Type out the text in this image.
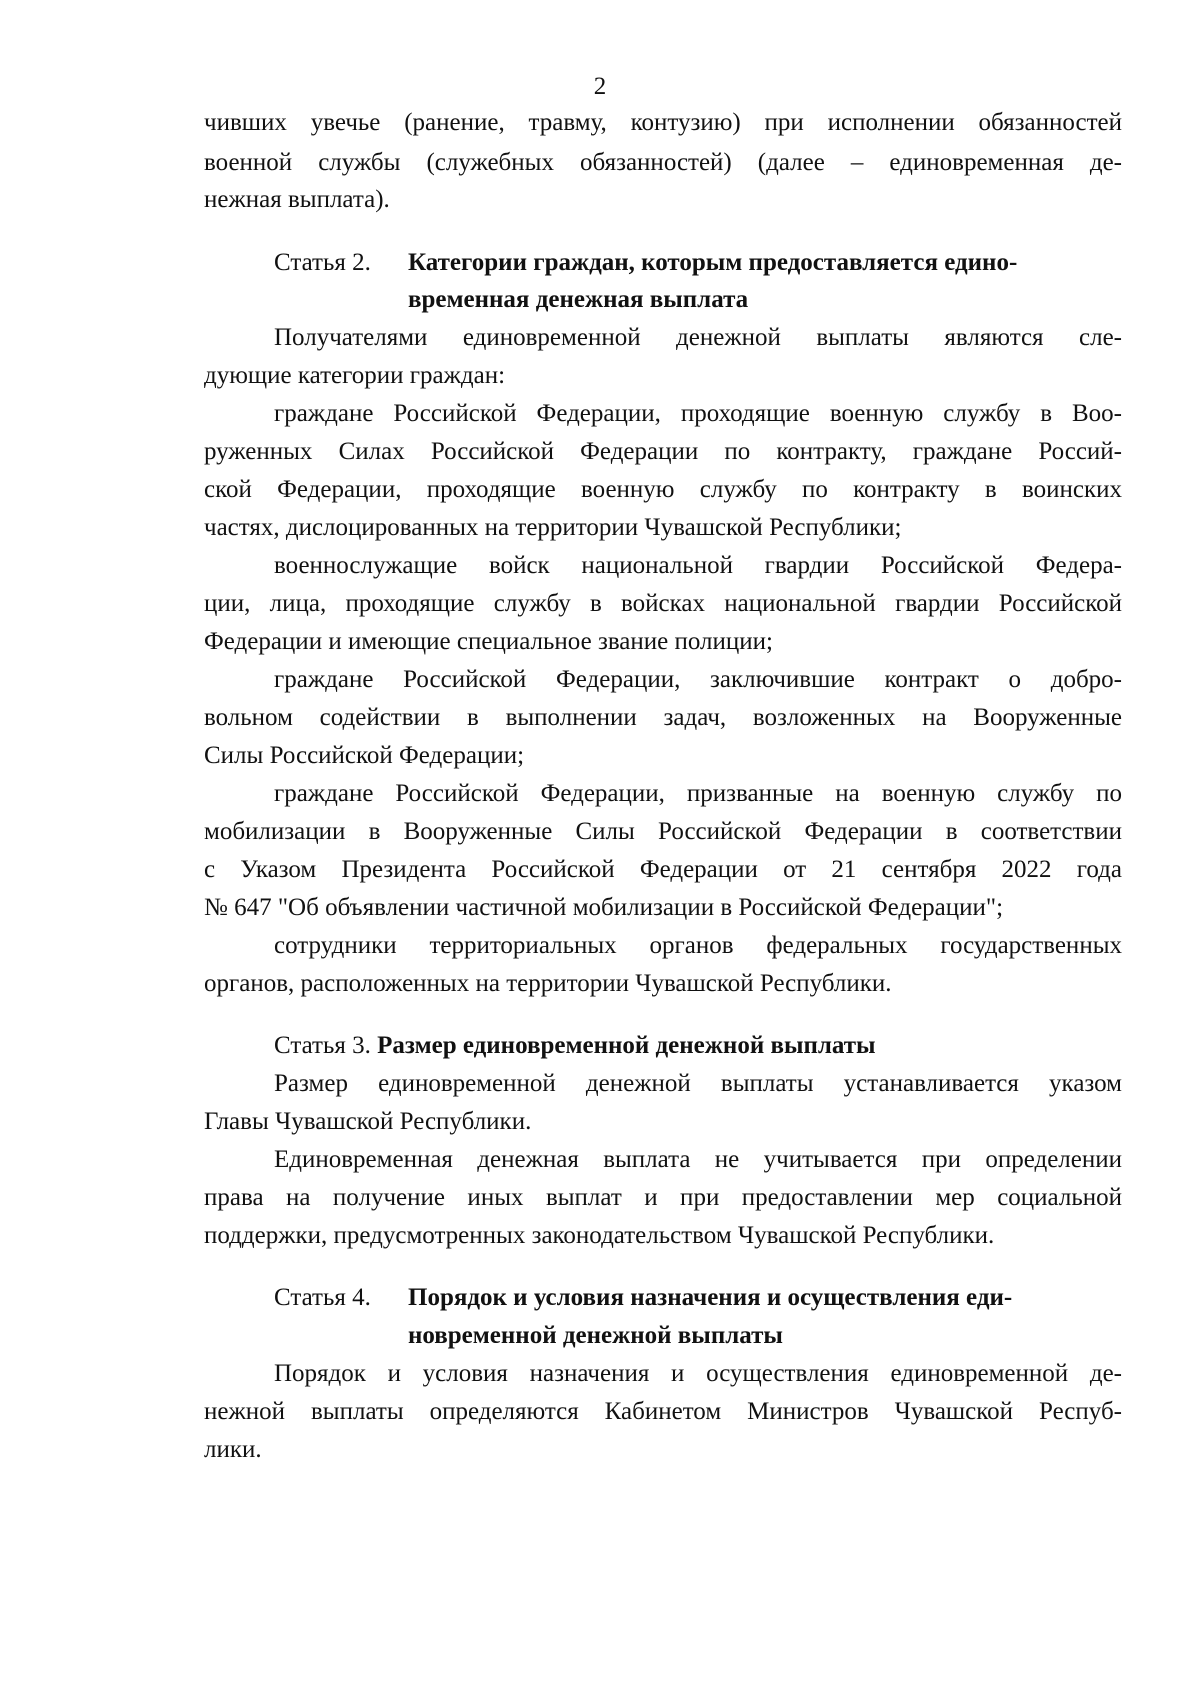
2
чивших увечье (ранение, травму, контузию) при исполнении обязанностей
военной службы (служебных обязанностей) (далее – единовременная де-
нежная выплата).
Статья 2. Категории граждан, которым предоставляется едино-
временная денежная выплата
Получателями единовременной денежной выплаты являются сле-
дующие категории граждан:
граждане Российской Федерации, проходящие военную службу в Воо-
руженных Силах Российской Федерации по контракту, граждане Россий-
ской Федерации, проходящие военную службу по контракту в воинских
частях, дислоцированных на территории Чувашской Республики;
военнослужащие войск национальной гвардии Российской Федера-
ции, лица, проходящие службу в войсках национальной гвардии Российской
Федерации и имеющие специальное звание полиции;
граждане Российской Федерации, заключившие контракт о добро-
вольном содействии в выполнении задач, возложенных на Вооруженные
Силы Российской Федерации;
граждане Российской Федерации, призванные на военную службу по
мобилизации в Вооруженные Силы Российской Федерации в соответствии
с Указом Президента Российской Федерации от 21 сентября 2022 года
№ 647 "Об объявлении частичной мобилизации в Российской Федерации";
сотрудники территориальных органов федеральных государственных
органов, расположенных на территории Чувашской Республики.
Статья 3. Размер единовременной денежной выплаты
Размер единовременной денежной выплаты устанавливается указом
Главы Чувашской Республики.
Единовременная денежная выплата не учитывается при определении
права на получение иных выплат и при предоставлении мер социальной
поддержки, предусмотренных законодательством Чувашской Республики.
Статья 4. Порядок и условия назначения и осуществления еди-
новременной денежной выплаты
Порядок и условия назначения и осуществления единовременной де-
нежной выплаты определяются Кабинетом Министров Чувашской Респуб-
лики.
